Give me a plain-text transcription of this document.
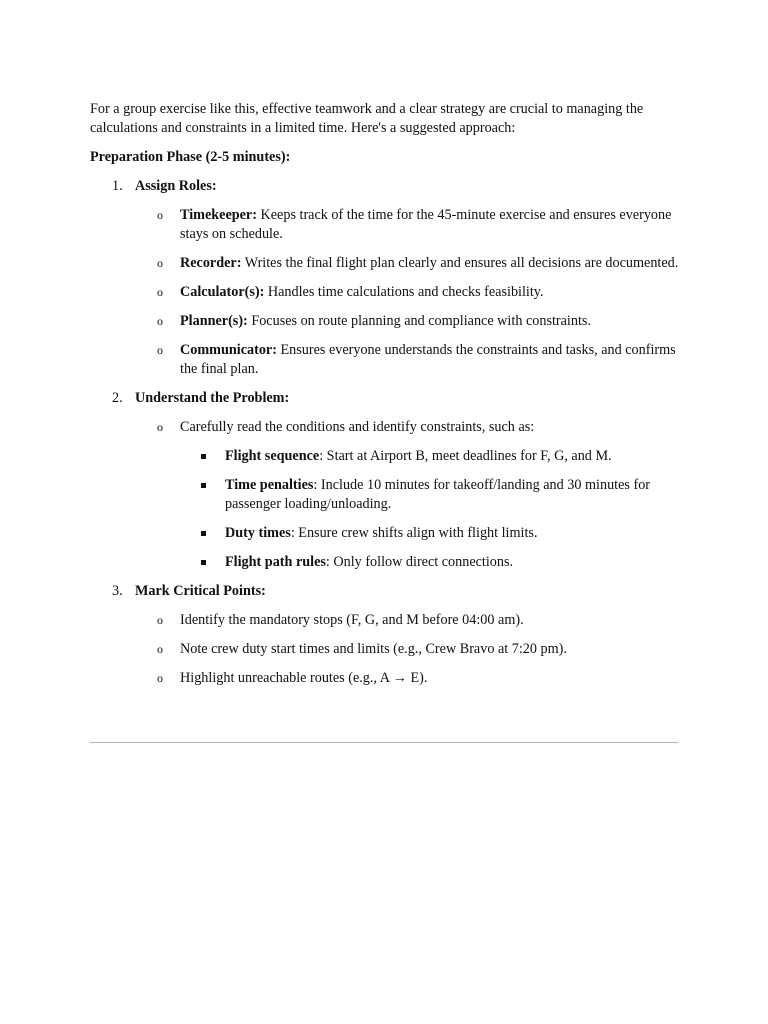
For a group exercise like this, effective teamwork and a clear strategy are crucial to managing the calculations and constraints in a limited time. Here's a suggested approach:

Preparation Phase (2-5 minutes):

1. Assign Roles:
o Timekeeper: Keeps track of the time for the 45-minute exercise and ensures everyone stays on schedule.
o Recorder: Writes the final flight plan clearly and ensures all decisions are documented.
o Calculator(s): Handles time calculations and checks feasibility.
o Planner(s): Focuses on route planning and compliance with constraints.
o Communicator: Ensures everyone understands the constraints and tasks, and confirms the final plan.
2. Understand the Problem:
o Carefully read the conditions and identify constraints, such as:
Flight sequence: Start at Airport B, meet deadlines for F, G, and M.
Time penalties: Include 10 minutes for takeoff/landing and 30 minutes for passenger loading/unloading.
Duty times: Ensure crew shifts align with flight limits.
Flight path rules: Only follow direct connections.
3. Mark Critical Points:
o Identify the mandatory stops (F, G, and M before 04:00 am).
o Note crew duty start times and limits (e.g., Crew Bravo at 7:20 pm).
o Highlight unreachable routes (e.g., A → E).
